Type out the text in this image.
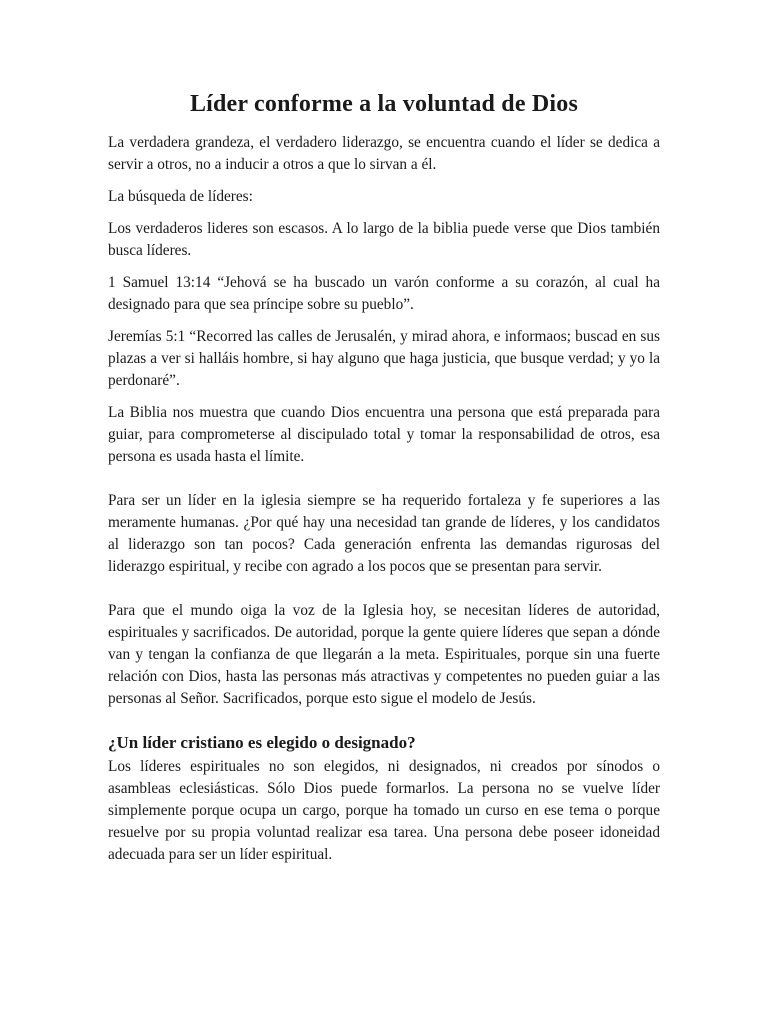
Líder conforme a la voluntad de Dios

La verdadera grandeza, el verdadero liderazgo, se encuentra cuando el líder se dedica a servir a otros, no a inducir a otros a que lo sirvan a él.

La búsqueda de líderes:

Los verdaderos lideres son escasos. A lo largo de la biblia puede verse que Dios también busca líderes.

1 Samuel 13:14 “Jehová se ha buscado un varón conforme a su corazón, al cual ha designado para que sea príncipe sobre su pueblo”.

Jeremías 5:1 “Recorred las calles de Jerusalén, y mirad ahora, e informaos; buscad en sus plazas a ver si halláis hombre, si hay alguno que haga justicia, que busque verdad; y yo la perdonaré”.

La Biblia nos muestra que cuando Dios encuentra una persona que está preparada para guiar, para comprometerse al discipulado total y tomar la responsabilidad de otros, esa persona es usada hasta el límite.

Para ser un líder en la iglesia siempre se ha requerido fortaleza y fe superiores a las meramente humanas. ¿Por qué hay una necesidad tan grande de líderes, y los candidatos al liderazgo son tan pocos? Cada generación enfrenta las demandas rigurosas del liderazgo espiritual, y recibe con agrado a los pocos que se presentan para servir.

Para que el mundo oiga la voz de la Iglesia hoy, se necesitan líderes de autoridad, espirituales y sacrificados. De autoridad, porque la gente quiere líderes que sepan a dónde van y tengan la confianza de que llegarán a la meta. Espirituales, porque sin una fuerte relación con Dios, hasta las personas más atractivas y competentes no pueden guiar a las personas al Señor. Sacrificados, porque esto sigue el modelo de Jesús.

¿Un líder cristiano es elegido o designado?

Los líderes espirituales no son elegidos, ni designados, ni creados por sínodos o asambleas eclesiásticas. Sólo Dios puede formarlos. La persona no se vuelve líder simplemente porque ocupa un cargo, porque ha tomado un curso en ese tema o porque resuelve por su propia voluntad realizar esa tarea. Una persona debe poseer idoneidad adecuada para ser un líder espiritual.
